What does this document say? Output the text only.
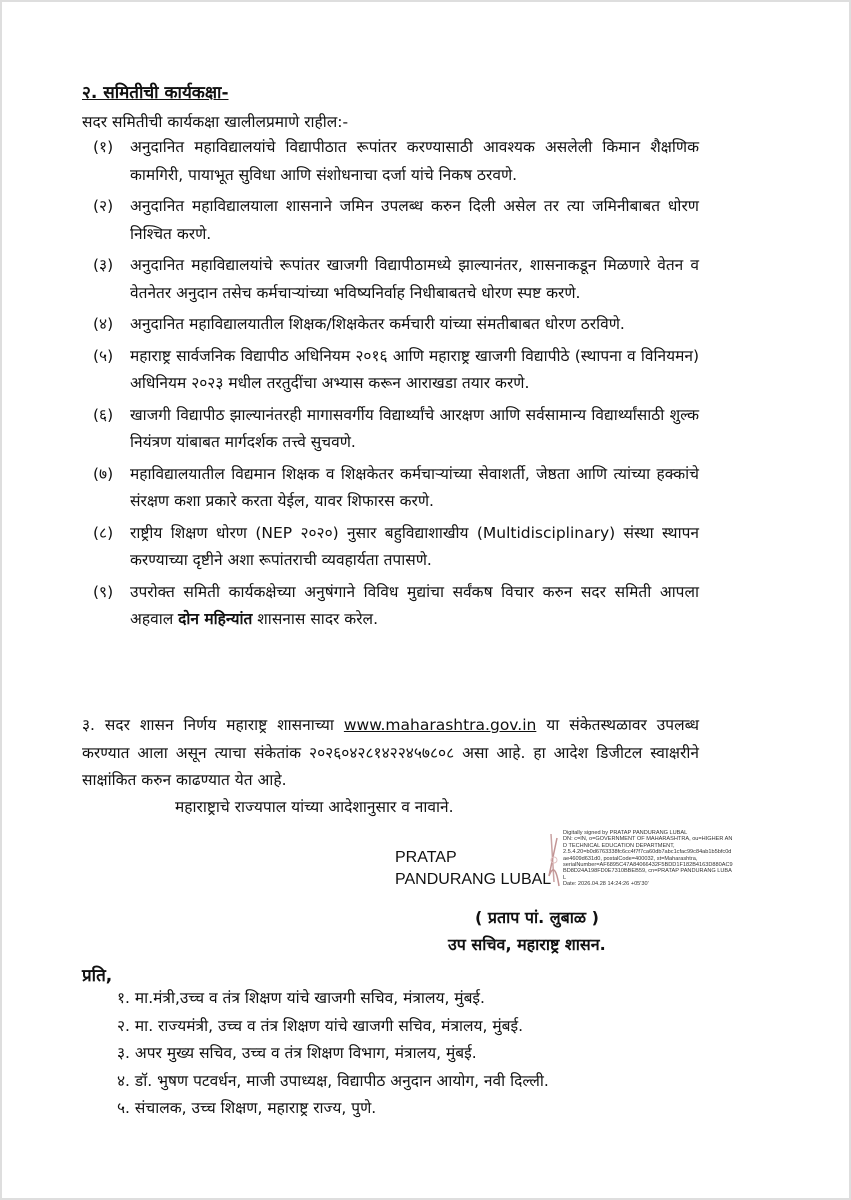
२. समितीची कार्यकक्षा-
सदर समितीची कार्यकक्षा खालीलप्रमाणे राहील:-
(१)	अनुदानित महाविद्यालयांचे विद्यापीठात रूपांतर करण्यासाठी आवश्यक असलेली किमान शैक्षणिक कामगिरी, पायाभूत सुविधा आणि संशोधनाचा दर्जा यांचे निकष ठरवणे.
(२)	अनुदानित महाविद्यालयाला शासनाने जमिन उपलब्ध करुन दिली असेल तर त्या जमिनीबाबत धोरण निश्चित करणे.
(३)	अनुदानित महाविद्यालयांचे रूपांतर खाजगी विद्यापीठामध्ये झाल्यानंतर, शासनाकडून मिळणारे वेतन व वेतनेतर अनुदान तसेच कर्मचाऱ्यांच्या भविष्यनिर्वाह निधीबाबतचे धोरण स्पष्ट करणे.
(४)	अनुदानित महाविद्यालयातील शिक्षक/शिक्षकेतर कर्मचारी यांच्या संमतीबाबत धोरण ठरविणे.
(५)	महाराष्ट्र सार्वजनिक विद्यापीठ अधिनियम २०१६ आणि महाराष्ट्र खाजगी विद्यापीठे (स्थापना व विनियमन) अधिनियम २०२३ मधील तरतुदींचा अभ्यास करून आराखडा तयार करणे.
(६)	खाजगी विद्यापीठ झाल्यानंतरही मागासवर्गीय विद्यार्थ्यांचे आरक्षण आणि सर्वसामान्य विद्यार्थ्यांसाठी शुल्क नियंत्रण यांबाबत मार्गदर्शक तत्त्वे सुचवणे.
(७)	महाविद्यालयातील विद्यमान शिक्षक व शिक्षकेतर कर्मचाऱ्यांच्या सेवाशर्ती, जेष्ठता आणि त्यांच्या हक्कांचे संरक्षण कशा प्रकारे करता येईल, यावर शिफारस करणे.
(८)	राष्ट्रीय शिक्षण धोरण (NEP २०२०) नुसार बहुविद्याशाखीय (Multidisciplinary) संस्था स्थापन करण्याच्या दृष्टीने अशा रूपांतराची व्यवहार्यता तपासणे.
(९)	उपरोक्त समिती कार्यकक्षेच्या अनुषंगाने विविध मुद्यांचा सर्वंकष विचार करुन सदर समिती आपला अहवाल दोन महिन्यांत शासनास सादर करेल.
३. सदर शासन निर्णय महाराष्ट्र शासनाच्या www.maharashtra.gov.in या संकेतस्थळावर उपलब्ध करण्यात आला असून त्याचा संकेतांक २०२६०४२८१४२२४५७८०८ असा आहे. हा आदेश डिजीटल स्वाक्षरीने साक्षांकित करुन काढण्यात येत आहे.
महाराष्ट्राचे राज्यपाल यांच्या आदेशानुसार व नावाने.
PRATAP
PANDURANG LUBAL
Digitally signed by PRATAP PANDURANG LUBAL
DN: c=IN, o=GOVERNMENT OF MAHARASHTRA, ou=HIGHER AND TECHNICAL EDUCATION DEPARTMENT,
2.5.4.20=b0d6763338fc6cc4f7f7ca60db7abc1cfac99c84ab1b5bfc0dae4609d631d0, postalCode=400032, st=Maharashtra,
serialNumber=AF6895C47A84066432F5BDD1F182B4163D880AC9BD8D24A198FD0E7310BBEB59, cn=PRATAP PANDURANG LUBAL
Date: 2026.04.28 14:24:26 +05'30'
( प्रताप पां. लुबाळ )
उप सचिव, महाराष्ट्र शासन.
प्रति,
१. मा.मंत्री,उच्च व तंत्र शिक्षण यांचे खाजगी सचिव, मंत्रालय, मुंबई.
२. मा. राज्यमंत्री, उच्च व तंत्र शिक्षण यांचे खाजगी सचिव, मंत्रालय, मुंबई.
३. अपर मुख्य सचिव, उच्च व तंत्र शिक्षण विभाग, मंत्रालय, मुंबई.
४. डॉ. भुषण पटवर्धन, माजी उपाध्यक्ष, विद्यापीठ अनुदान आयोग, नवी दिल्ली.
५. संचालक, उच्च शिक्षण, महाराष्ट्र राज्य, पुणे.
